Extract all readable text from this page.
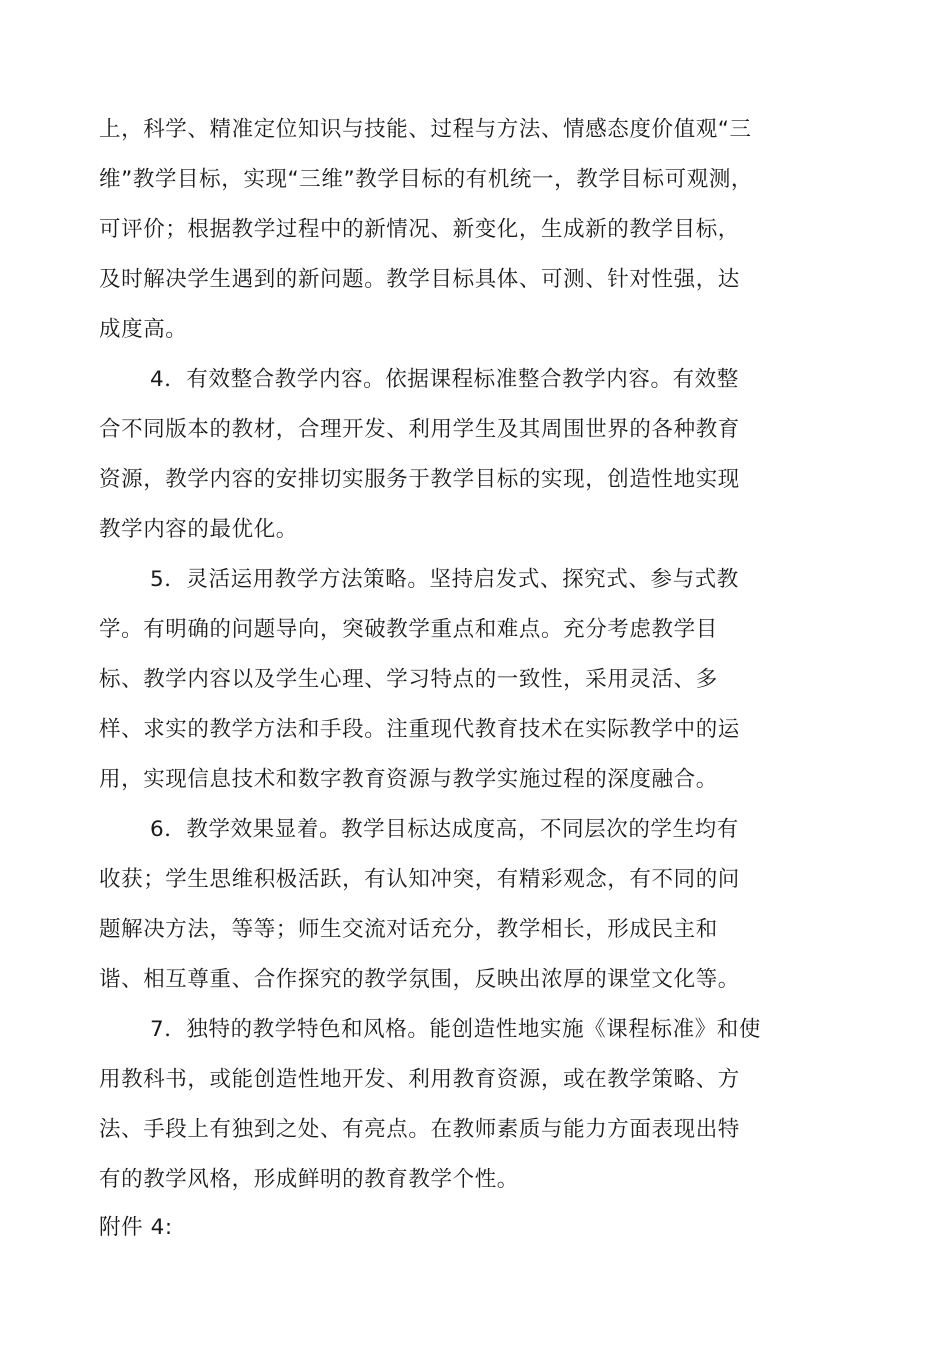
上，科学、精准定位知识与技能、过程与方法、情感态度价值观“三
维”教学目标，实现“三维”教学目标的有机统一，教学目标可观测，
可评价；根据教学过程中的新情况、新变化，生成新的教学目标，
及时解决学生遇到的新问题。教学目标具体、可测、针对性强，达
成度高。
4．有效整合教学内容。依据课程标准整合教学内容。有效整
合不同版本的教材，合理开发、利用学生及其周围世界的各种教育
资源，教学内容的安排切实服务于教学目标的实现，创造性地实现
教学内容的最优化。
5．灵活运用教学方法策略。坚持启发式、探究式、参与式教
学。有明确的问题导向，突破教学重点和难点。充分考虑教学目
标、教学内容以及学生心理、学习特点的一致性，采用灵活、多
样、求实的教学方法和手段。注重现代教育技术在实际教学中的运
用，实现信息技术和数字教育资源与教学实施过程的深度融合。
6．教学效果显着。教学目标达成度高，不同层次的学生均有
收获；学生思维积极活跃，有认知冲突，有精彩观念，有不同的问
题解决方法，等等；师生交流对话充分，教学相长，形成民主和
谐、相互尊重、合作探究的教学氛围，反映出浓厚的课堂文化等。
7．独特的教学特色和风格。能创造性地实施《课程标准》和使
用教科书，或能创造性地开发、利用教育资源，或在教学策略、方
法、手段上有独到之处、有亮点。在教师素质与能力方面表现出特
有的教学风格，形成鲜明的教育教学个性。
附件 4:
